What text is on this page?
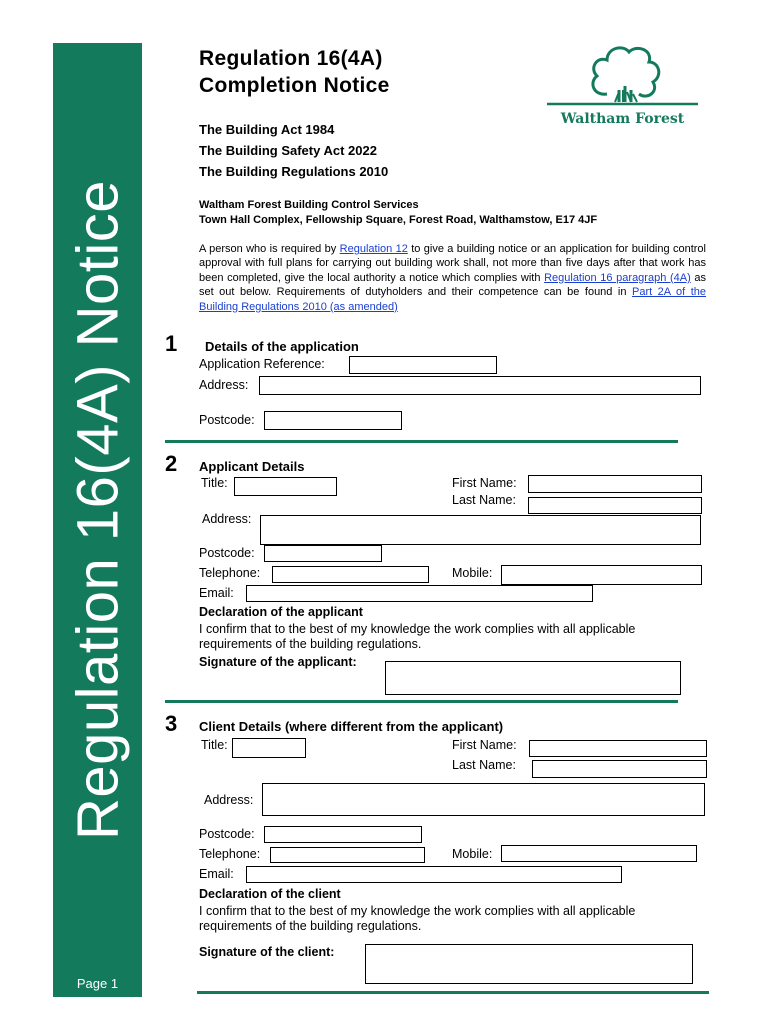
Regulation 16(4A) Notice
Page 1
Regulation 16(4A)
Completion Notice
Waltham Forest
The Building Act 1984
The Building Safety Act 2022
The Building Regulations 2010
Waltham Forest Building Control Services
Town Hall Complex, Fellowship Square, Forest Road, Walthamstow, E17 4JF
A person who is required by Regulation 12 to give a building notice or an application for building control approval with full plans for carrying out building work shall, not more than five days after that work has been completed, give the local authority a notice which complies with Regulation 16 paragraph (4A) as set out below. Requirements of dutyholders and their competence can be found in Part 2A of the Building Regulations 2010 (as amended)
1 Details of the application
Application Reference:
Address:
Postcode:
2 Applicant Details
Title:	First Name:
Last Name:
Address:
Postcode:
Telephone:	Mobile:
Email:
Declaration of the applicant
I confirm that to the best of my knowledge the work complies with all applicable requirements of the building regulations.
Signature of the applicant:
3 Client Details (where different from the applicant)
Title:	First Name:
Last Name:
Address:
Postcode:
Telephone:	Mobile:
Email:
Declaration of the client
I confirm that to the best of my knowledge the work complies with all applicable requirements of the building regulations.
Signature of the client:
